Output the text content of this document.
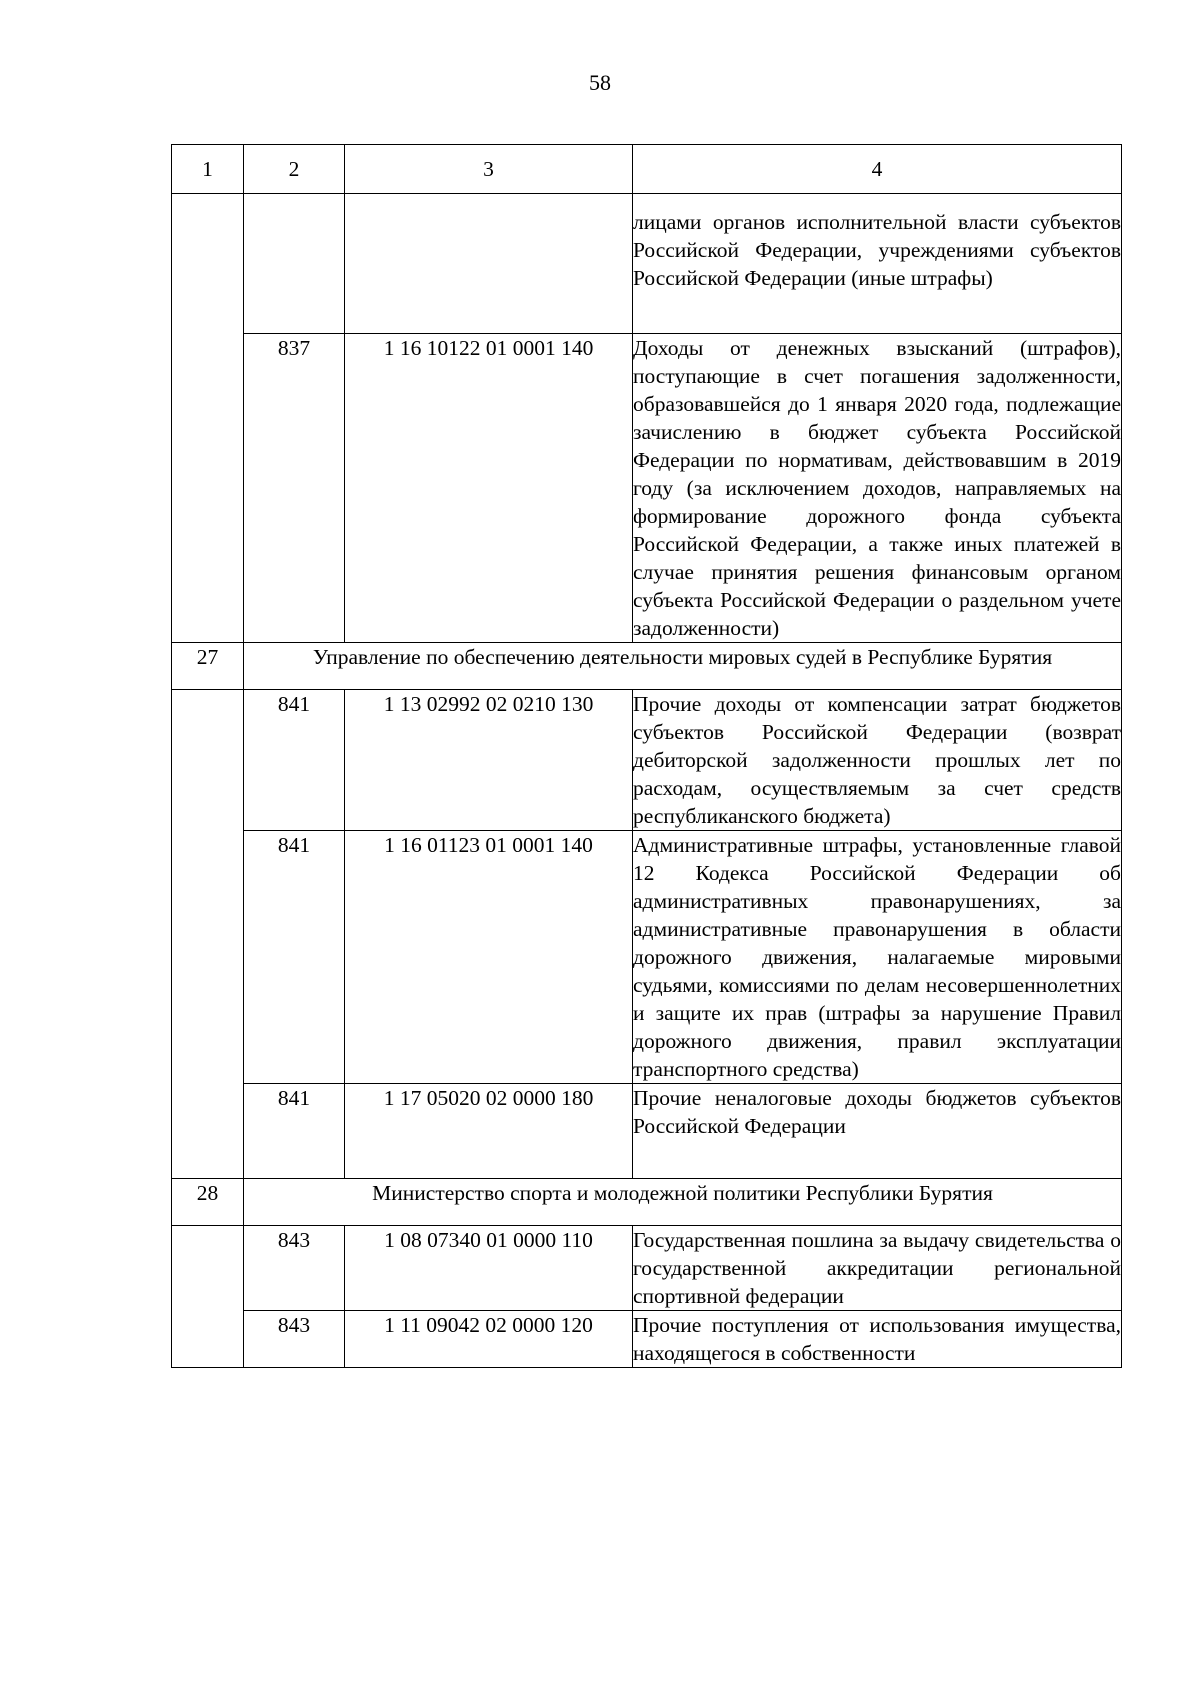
58
1	2	3	4
			лицами органов исполнительной власти субъектов Российской Федерации, учреждениями субъектов Российской Федерации (иные штрафы)
	837	1 16 10122 01 0001 140	Доходы от денежных взысканий (штрафов), поступающие в счет погашения задолженности, образовавшейся до 1 января 2020 года, подлежащие зачислению в бюджет субъекта Российской Федерации по нормативам, действовавшим в 2019 году (за исключением доходов, направляемых на формирование дорожного фонда субъекта Российской Федерации, а также иных платежей в случае принятия решения финансовым органом субъекта Российской Федерации о раздельном учете задолженности)
27	Управление по обеспечению деятельности мировых судей в Республике Бурятия		
	841	1 13 02992 02 0210 130	Прочие доходы от компенсации затрат бюджетов субъектов Российской Федерации (возврат дебиторской задолженности прошлых лет по расходам, осуществляемым за счет средств республиканского бюджета)
	841	1 16 01123 01 0001 140	Административные штрафы, установленные главой 12 Кодекса Российской Федерации об административных правонарушениях, за административные правонарушения в области дорожного движения, налагаемые мировыми судьями, комиссиями по делам несовершеннолетних и защите их прав (штрафы за нарушение Правил дорожного движения, правил эксплуатации транспортного средства)
	841	1 17 05020 02 0000 180	Прочие неналоговые доходы бюджетов субъектов Российской Федерации
28	Министерство спорта и молодежной политики Республики Бурятия		
	843	1 08 07340 01 0000 110	Государственная пошлина за выдачу свидетельства о государственной аккредитации региональной спортивной федерации
	843	1 11 09042 02 0000 120	Прочие поступления от использования имущества, находящегося в собственности
